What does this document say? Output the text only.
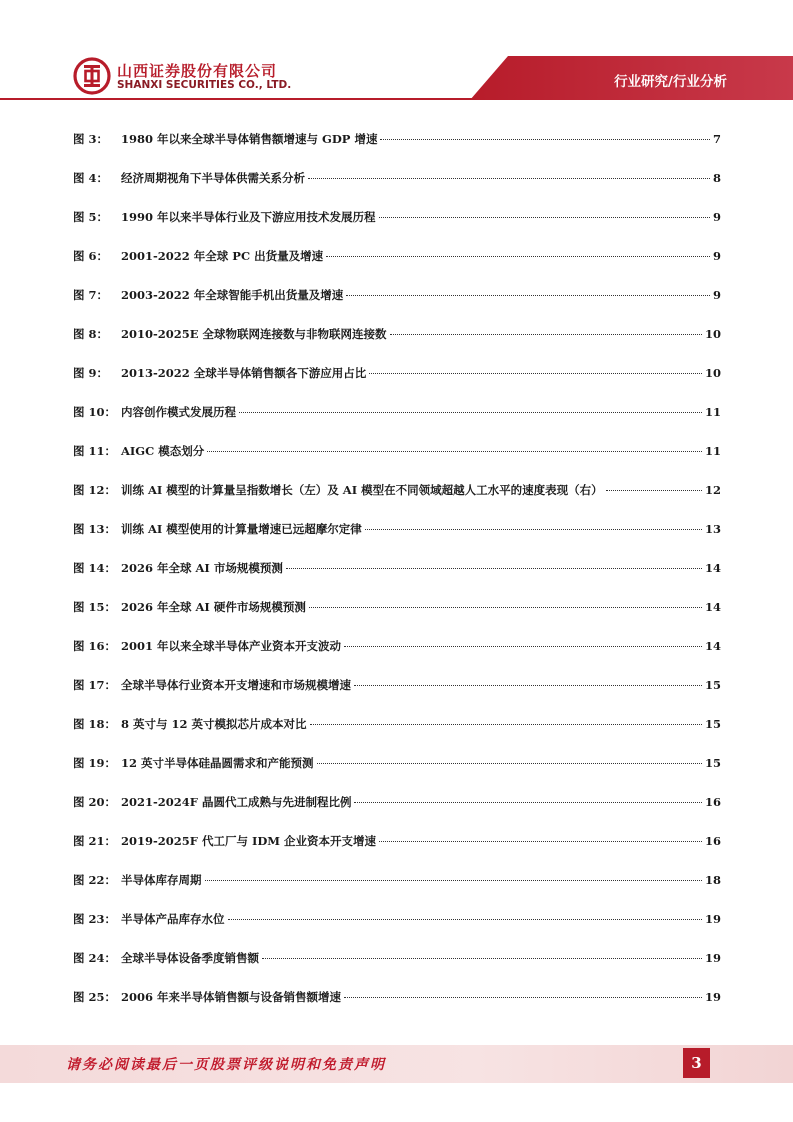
山西证券股份有限公司
SHANXI SECURITIES CO., LTD.	行业研究/行业分析
图 3：	1980 年以来全球半导体销售额增速与 GDP 增速	7
图 4：	经济周期视角下半导体供需关系分析	8
图 5：	1990 年以来半导体行业及下游应用技术发展历程	9
图 6：	2001-2022 年全球 PC 出货量及增速	9
图 7：	2003-2022 年全球智能手机出货量及增速	9
图 8：	2010-2025E 全球物联网连接数与非物联网连接数	10
图 9：	2013-2022 全球半导体销售额各下游应用占比	10
图 10： 内容创作模式发展历程	11
图 11： AIGC 模态划分	11
图 12： 训练 AI 模型的计算量呈指数增长（左）及 AI 模型在不同领域超越人工水平的速度表现（右）	12
图 13： 训练 AI 模型使用的计算量增速已远超摩尔定律	13
图 14： 2026 年全球 AI 市场规模预测	14
图 15： 2026 年全球 AI 硬件市场规模预测	14
图 16： 2001 年以来全球半导体产业资本开支波动	14
图 17： 全球半导体行业资本开支增速和市场规模增速	15
图 18： 8 英寸与 12 英寸模拟芯片成本对比	15
图 19： 12 英寸半导体硅晶圆需求和产能预测	15
图 20： 2021-2024F 晶圆代工成熟与先进制程比例	16
图 21： 2019-2025F 代工厂与 IDM 企业资本开支增速	16
图 22： 半导体库存周期	18
图 23： 半导体产品库存水位	19
图 24： 全球半导体设备季度销售额	19
图 25： 2006 年来半导体销售额与设备销售额增速	19
请务必阅读最后一页股票评级说明和免责声明	3
